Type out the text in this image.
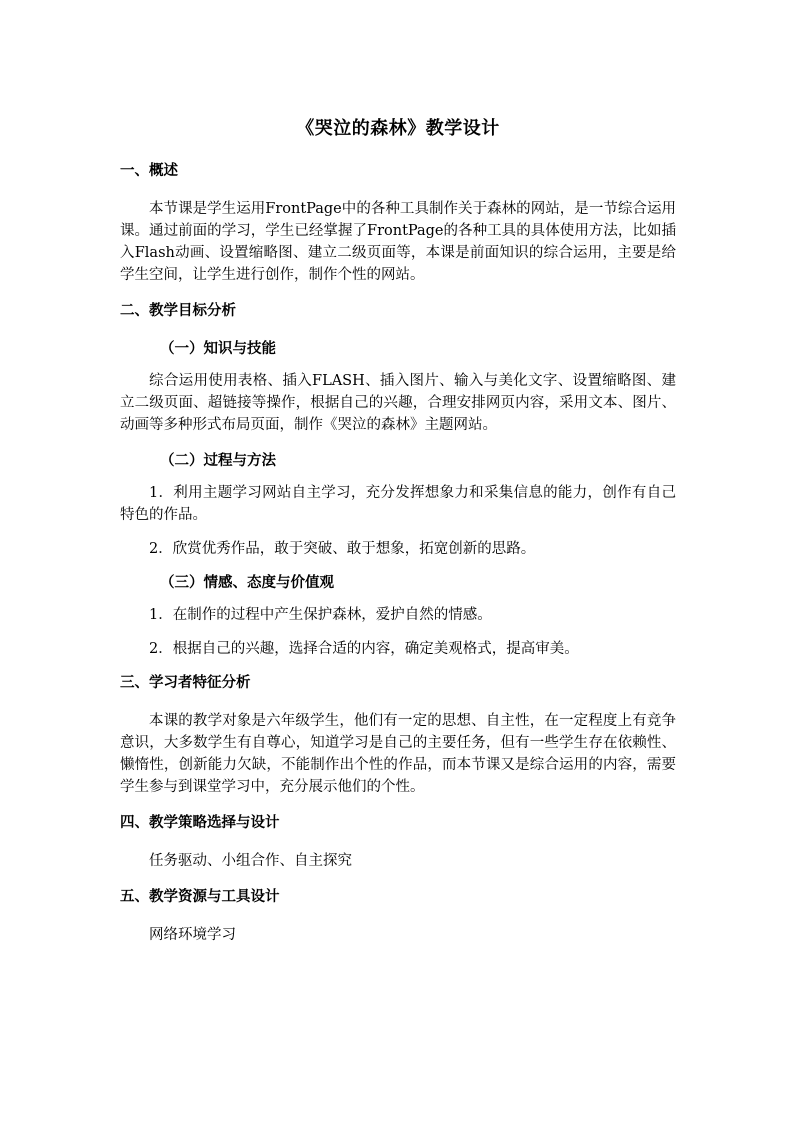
《哭泣的森林》教学设计
一、概述
本节课是学生运用FrontPage中的各种工具制作关于森林的网站，是一节综合运用课。通过前面的学习，学生已经掌握了FrontPage的各种工具的具体使用方法，比如插入Flash动画、设置缩略图、建立二级页面等，本课是前面知识的综合运用，主要是给学生空间，让学生进行创作，制作个性的网站。
二、教学目标分析
（一）知识与技能
综合运用使用表格、插入FLASH、插入图片、输入与美化文字、设置缩略图、建立二级页面、超链接等操作，根据自己的兴趣，合理安排网页内容，采用文本、图片、动画等多种形式布局页面，制作《哭泣的森林》主题网站。
（二）过程与方法
1．利用主题学习网站自主学习，充分发挥想象力和采集信息的能力，创作有自己特色的作品。
2．欣赏优秀作品，敢于突破、敢于想象，拓宽创新的思路。
（三）情感、态度与价值观
1．在制作的过程中产生保护森林，爱护自然的情感。
2．根据自己的兴趣，选择合适的内容，确定美观格式，提高审美。
三、学习者特征分析
本课的教学对象是六年级学生，他们有一定的思想、自主性，在一定程度上有竞争意识，大多数学生有自尊心，知道学习是自己的主要任务，但有一些学生存在依赖性、懒惰性，创新能力欠缺，不能制作出个性的作品，而本节课又是综合运用的内容，需要学生参与到课堂学习中，充分展示他们的个性。
四、教学策略选择与设计
任务驱动、小组合作、自主探究
五、教学资源与工具设计
网络环境学习
